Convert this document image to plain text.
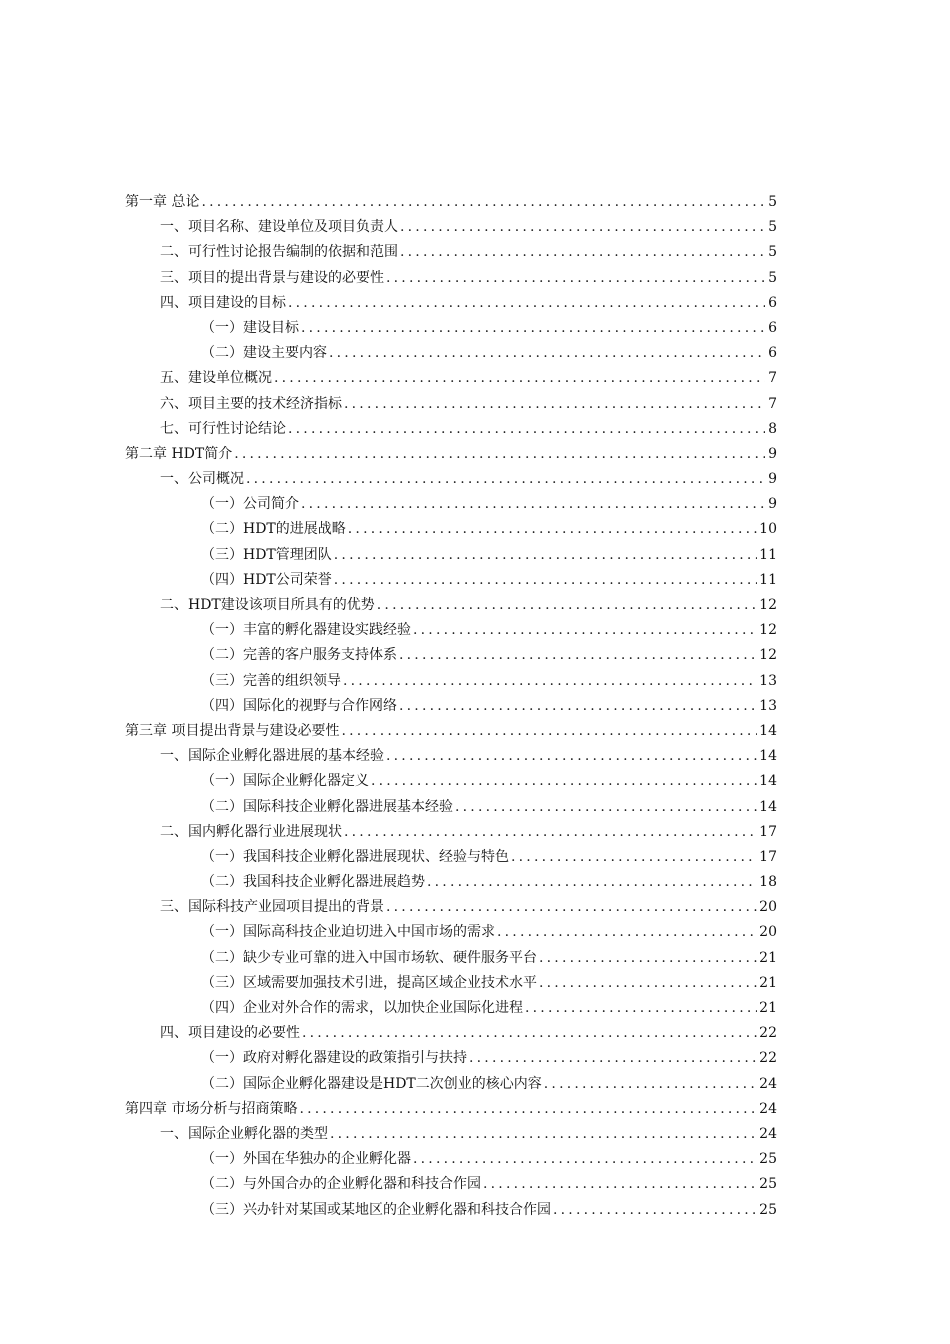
第一章 总论 .....	5
一、项目名称、建设单位及项目负责人 .....	5
二、可行性讨论报告编制的依据和范围 .....	5
三、项目的提出背景与建设的必要性 .....	5
四、项目建设的目标 .....	6
（一）建设目标 .....	6
（二）建设主要内容 .....	6
五、建设单位概况 .....	7
六、项目主要的技术经济指标 .....	7
七、可行性讨论结论 .....	8
第二章 HDT简介 .....	9
一、公司概况 .....	9
（一）公司简介 .....	9
（二）HDT的进展战略 .....	10
（三）HDT管理团队 .....	11
（四）HDT公司荣誉 .....	11
二、HDT建设该项目所具有的优势 .....	12
（一）丰富的孵化器建设实践经验 .....	12
（二）完善的客户服务支持体系 .....	12
（三）完善的组织领导 .....	13
（四）国际化的视野与合作网络 .....	13
第三章 项目提出背景与建设必要性 .....	14
一、国际企业孵化器进展的基本经验 .....	14
（一）国际企业孵化器定义 .....	14
（二）国际科技企业孵化器进展基本经验 .....	14
二、国内孵化器行业进展现状 .....	17
（一）我国科技企业孵化器进展现状、经验与特色 .....	17
（二）我国科技企业孵化器进展趋势 .....	18
三、国际科技产业园项目提出的背景 .....	20
（一）国际高科技企业迫切进入中国市场的需求 .....	20
（二）缺少专业可靠的进入中国市场软、硬件服务平台 .....	21
（三）区域需要加强技术引进，提高区域企业技术水平 .....	21
（四）企业对外合作的需求，以加快企业国际化进程 .....	21
四、项目建设的必要性 .....	22
（一）政府对孵化器建设的政策指引与扶持 .....	22
（二）国际企业孵化器建设是HDT二次创业的核心内容 .....	24
第四章 市场分析与招商策略 .....	24
一、国际企业孵化器的类型 .....	24
（一）外国在华独办的企业孵化器 .....	25
（二）与外国合办的企业孵化器和科技合作园 .....	25
（三）兴办针对某国或某地区的企业孵化器和科技合作园 .....	25
